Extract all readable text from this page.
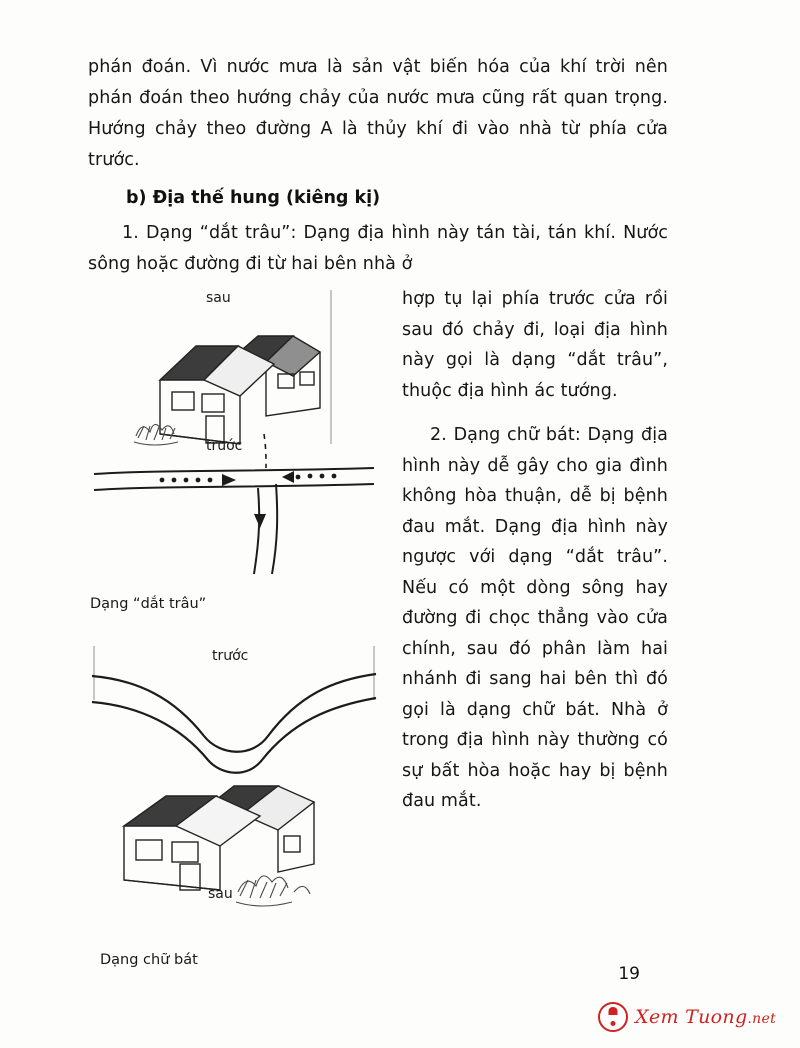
phán đoán. Vì nước mưa là sản vật biến hóa của khí trời nên phán đoán theo hướng chảy của nước mưa cũng rất quan trọng. Hướng chảy theo đường A là thủy khí đi vào nhà từ phía cửa trước.

b) Địa thế hung (kiêng kị)

1. Dạng “dắt trâu”: Dạng địa hình này tán tài, tán khí. Nước sông hoặc đường đi từ hai bên nhà ở

sau
trước
Dạng “dắt trâu”
trước
sau
Dạng chữ bát

hợp tụ lại phía trước cửa rồi sau đó chảy đi, loại địa hình này gọi là dạng “dắt trâu”, thuộc địa hình ác tướng.

2. Dạng chữ bát: Dạng địa hình này dễ gây cho gia đình không hòa thuận, dễ bị bệnh đau mắt. Dạng địa hình này ngược với dạng “dắt trâu”. Nếu có một dòng sông hay đường đi chọc thẳng vào cửa chính, sau đó phân làm hai nhánh đi sang hai bên thì đó gọi là dạng chữ bát. Nhà ở trong địa hình này thường có sự bất hòa hoặc hay bị bệnh đau mắt.

19
Xem Tuong.net
